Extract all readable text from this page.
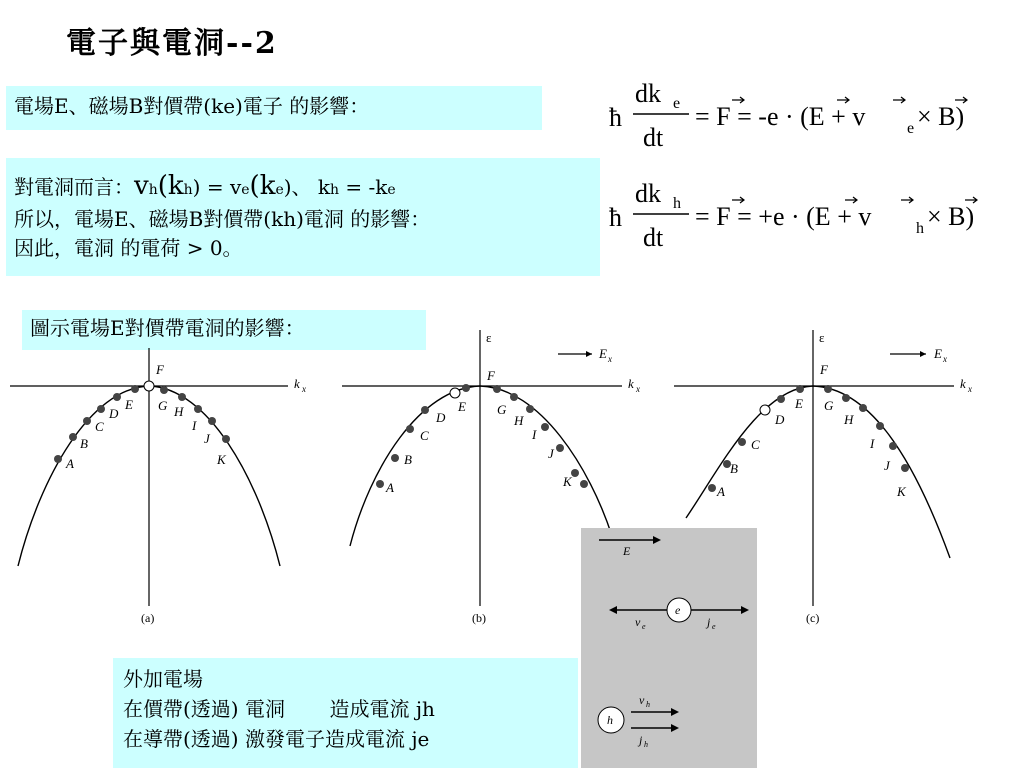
電子與電洞--2
電場E、磁場B對價帶(ke)電子 的影響：
對電洞而言：vh(kh) = ve(ke)、 kh = -ke
所以，電場E、磁場B對價帶(kh)電洞 的影響：
因此，電洞 的電荷 > 0。
圖示電場E對價帶電洞的影響：
ħ
dk e
dt
= F = -e · (E + v	e × B)
ħ
dk h
dt
= F = +e · (E + v	h × B)
F
k x
A
B
C
D
E G H
I
J
K
(a)
ε
E x
F
k x
A
B
C
D
E G
H
I
J
K
(b)
ε
E x
F
k x
A
B
C
D
E G
H
I
J
K
(c)
E
e
v e	j e
h
v h
j h
外加電場
在價帶(透過) 電洞       造成電流 jh
在導帶(透過) 激發電子造成電流 je
